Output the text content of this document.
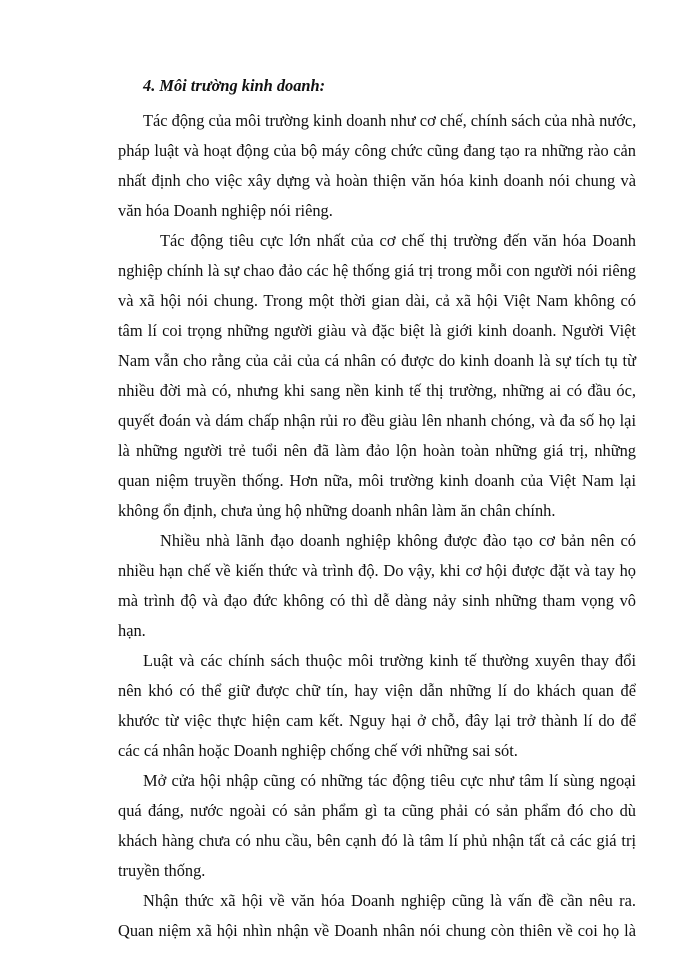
4. Môi trường kinh doanh:
Tác động của môi trường kinh doanh như cơ chế, chính sách của nhà nước,
pháp luật và hoạt động của bộ máy công chức cũng đang tạo ra những rào cản
nhất định cho việc xây dựng và hoàn thiện văn hóa kinh doanh nói chung và
văn hóa Doanh nghiệp nói riêng.
Tác động tiêu cực lớn nhất của cơ chế thị trường đến văn hóa Doanh
nghiệp chính là sự chao đảo các hệ thống giá trị trong mỗi con người nói riêng
và xã hội nói chung. Trong một thời gian dài, cả xã hội Việt Nam không có
tâm lí coi trọng những người giàu và đặc biệt là giới kinh doanh. Người Việt
Nam vẫn cho rằng của cải của cá nhân có được do kinh doanh là sự tích tụ từ
nhiều đời mà có, nhưng khi sang nền kinh tế thị trường, những ai có đầu óc,
quyết đoán và dám chấp nhận rủi ro đều giàu lên nhanh chóng, và đa số họ lại
là những người trẻ tuổi nên đã làm đảo lộn hoàn toàn những giá trị, những
quan niệm truyền thống. Hơn nữa, môi trường kinh doanh của Việt Nam lại
không ổn định, chưa ủng hộ những doanh nhân làm ăn chân chính.
Nhiều nhà lãnh đạo doanh nghiệp không được đào tạo cơ bản nên có
nhiều hạn chế về kiến thức và trình độ. Do vậy, khi cơ hội được đặt và tay họ
mà trình độ và đạo đức không có thì dễ dàng nảy sinh những tham vọng vô
hạn.
Luật và các chính sách thuộc môi trường kinh tế thường xuyên thay đổi
nên khó có thể giữ được chữ tín, hay viện dẫn những lí do khách quan để
khước từ việc thực hiện cam kết. Nguy hại ở chỗ, đây lại trở thành lí do để
các cá nhân hoặc Doanh nghiệp chống chế với những sai sót.
Mở cửa hội nhập cũng có những tác động tiêu cực như tâm lí sùng ngoại
quá đáng, nước ngoài có sản phẩm gì ta cũng phải có sản phẩm đó cho dù
khách hàng chưa có nhu cầu, bên cạnh đó là tâm lí phủ nhận tất cả các giá trị
truyền thống.
Nhận thức xã hội về văn hóa Doanh nghiệp cũng là vấn đề cần nêu ra.
Quan niệm xã hội nhìn nhận về Doanh nhân nói chung còn thiên về coi họ là
